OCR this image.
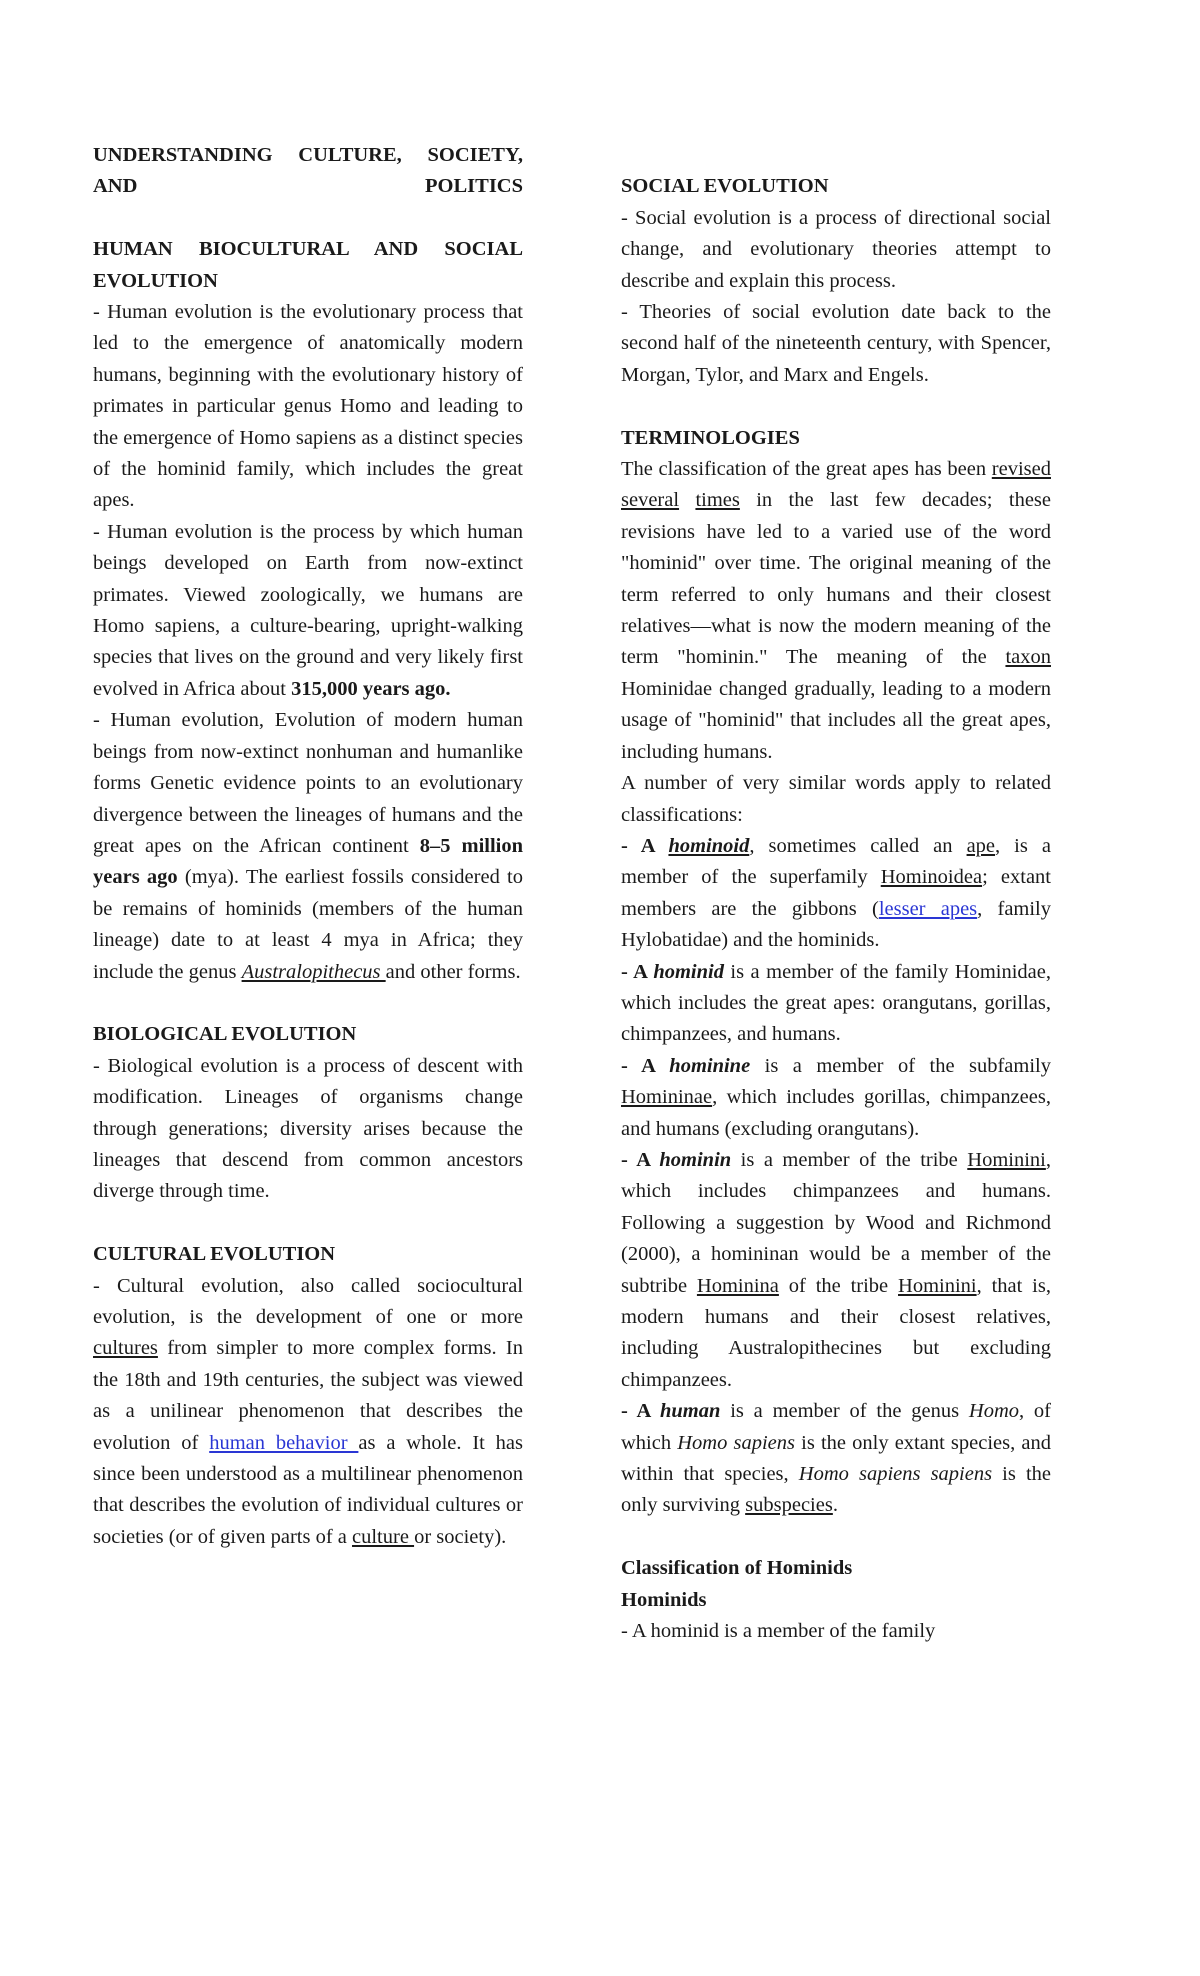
UNDERSTANDING CULTURE, SOCIETY, AND POLITICS

HUMAN BIOCULTURAL AND SOCIAL EVOLUTION

- Human evolution is the evolutionary process that led to the emergence of anatomically modern humans, beginning with the evolutionary history of primates in particular genus Homo and leading to the emergence of Homo sapiens as a distinct species of the hominid family, which includes the great apes.

- Human evolution is the process by which human beings developed on Earth from now-extinct primates. Viewed zoologically, we humans are Homo sapiens, a culture-bearing, upright-walking species that lives on the ground and very likely first evolved in Africa about 315,000 years ago.

- Human evolution, Evolution of modern human beings from now-extinct nonhuman and humanlike forms Genetic evidence points to an evolutionary divergence between the lineages of humans and the great apes on the African continent 8–5 million years ago (mya). The earliest fossils considered to be remains of hominids (members of the human lineage) date to at least 4 mya in Africa; they include the genus Australopithecus and other forms.

BIOLOGICAL EVOLUTION

- Biological evolution is a process of descent with modification. Lineages of organisms change through generations; diversity arises because the lineages that descend from common ancestors diverge through time.

CULTURAL EVOLUTION

- Cultural evolution, also called sociocultural evolution, is the development of one or more cultures from simpler to more complex forms. In the 18th and 19th centuries, the subject was viewed as a unilinear phenomenon that describes the evolution of human behavior as a whole. It has since been understood as a multilinear phenomenon that describes the evolution of individual cultures or societies (or of given parts of a culture or society).

SOCIAL EVOLUTION

- Social evolution is a process of directional social change, and evolutionary theories attempt to describe and explain this process.

- Theories of social evolution date back to the second half of the nineteenth century, with Spencer, Morgan, Tylor, and Marx and Engels.

TERMINOLOGIES

The classification of the great apes has been revised several times in the last few decades; these revisions have led to a varied use of the word "hominid" over time. The original meaning of the term referred to only humans and their closest relatives—what is now the modern meaning of the term "hominin." The meaning of the taxon Hominidae changed gradually, leading to a modern usage of "hominid" that includes all the great apes, including humans.

A number of very similar words apply to related classifications:

- A hominoid, sometimes called an ape, is a member of the superfamily Hominoidea; extant members are the gibbons (lesser apes, family Hylobatidae) and the hominids.

- A hominid is a member of the family Hominidae, which includes the great apes: orangutans, gorillas, chimpanzees, and humans.

- A hominine is a member of the subfamily Homininae, which includes gorillas, chimpanzees, and humans (excluding orangutans).

- A hominin is a member of the tribe Hominini, which includes chimpanzees and humans. Following a suggestion by Wood and Richmond (2000), a homininan would be a member of the subtribe Hominina of the tribe Hominini, that is, modern humans and their closest relatives, including Australopithecines but excluding chimpanzees.

- A human is a member of the genus Homo, of which Homo sapiens is the only extant species, and within that species, Homo sapiens sapiens is the only surviving subspecies.

Classification of Hominids

Hominids

- A hominid is a member of the family
